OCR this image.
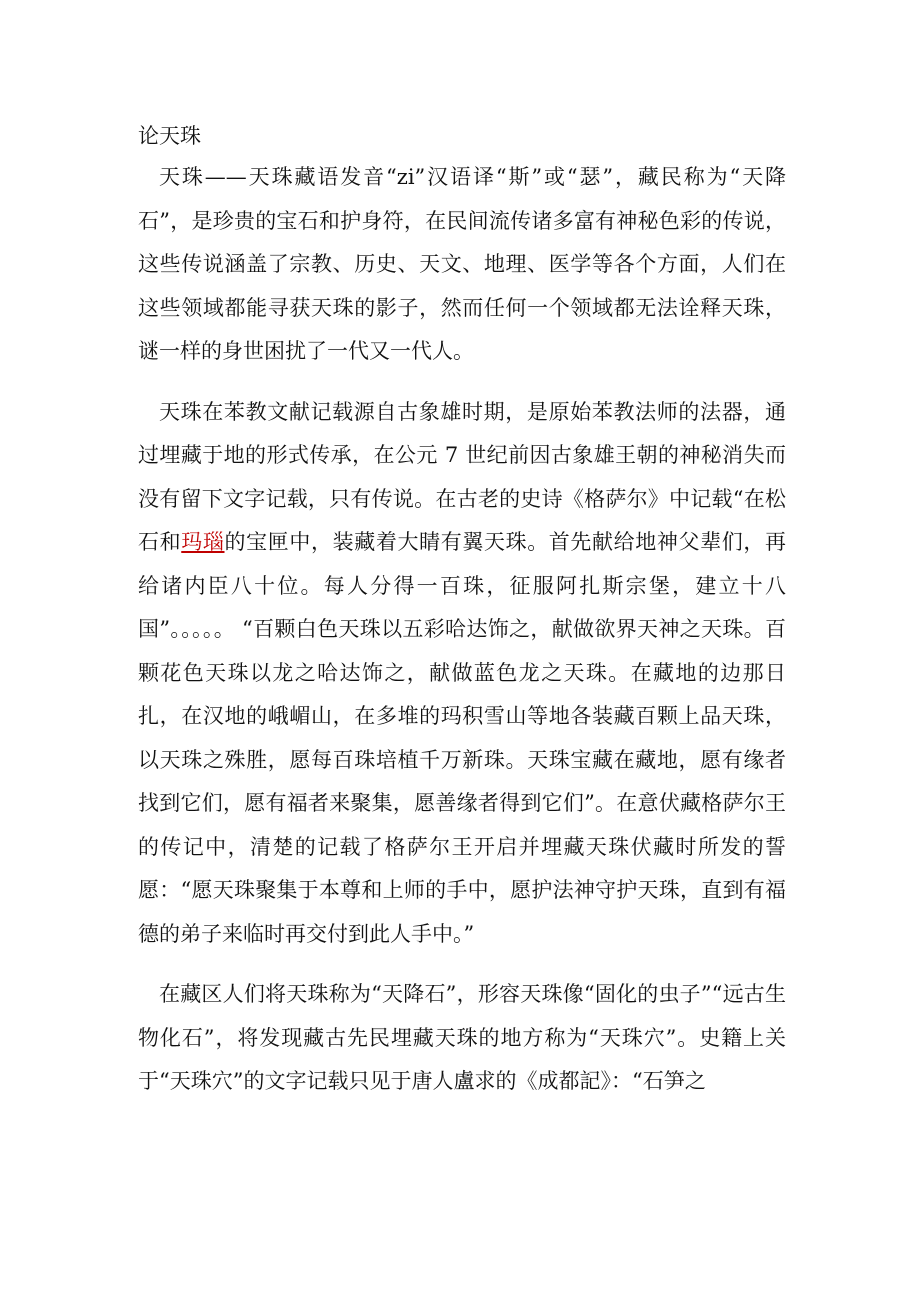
论天珠

天珠——天珠藏语发音“zi”汉语译“斯”或“瑟”，藏民称为“天降石”，是珍贵的宝石和护身符，在民间流传诸多富有神秘色彩的传说，这些传说涵盖了宗教、历史、天文、地理、医学等各个方面，人们在这些领域都能寻获天珠的影子，然而任何一个领域都无法诠释天珠，谜一样的身世困扰了一代又一代人。

天珠在苯教文献记载源自古象雄时期，是原始苯教法师的法器，通过埋藏于地的形式传承，在公元 7 世纪前因古象雄王朝的神秘消失而没有留下文字记载，只有传说。在古老的史诗《格萨尔》中记载“在松石和玛瑙的宝匣中，装藏着大睛有翼天珠。首先献给地神父辈们，再给诸内臣八十位。每人分得一百珠，征服阿扎斯宗堡，建立十八国”。。。。。 “百颗白色天珠以五彩哈达饰之，献做欲界天神之天珠。百颗花色天珠以龙之哈达饰之，献做蓝色龙之天珠。在藏地的边那日扎，在汉地的峨嵋山，在多堆的玛积雪山等地各装藏百颗上品天珠，以天珠之殊胜，愿每百珠培植千万新珠。天珠宝藏在藏地，愿有缘者找到它们，愿有福者来聚集，愿善缘者得到它们”。在意伏藏格萨尔王的传记中，清楚的记载了格萨尔王开启并埋藏天珠伏藏时所发的誓愿：“愿天珠聚集于本尊和上师的手中，愿护法神守护天珠，直到有福德的弟子来临时再交付到此人手中。”

在藏区人们将天珠称为“天降石”，形容天珠像“固化的虫子”“远古生物化石”，将发现藏古先民埋藏天珠的地方称为“天珠穴”。史籍上关于“天珠穴”的文字记载只见于唐人盧求的《成都記》：“石笋之
